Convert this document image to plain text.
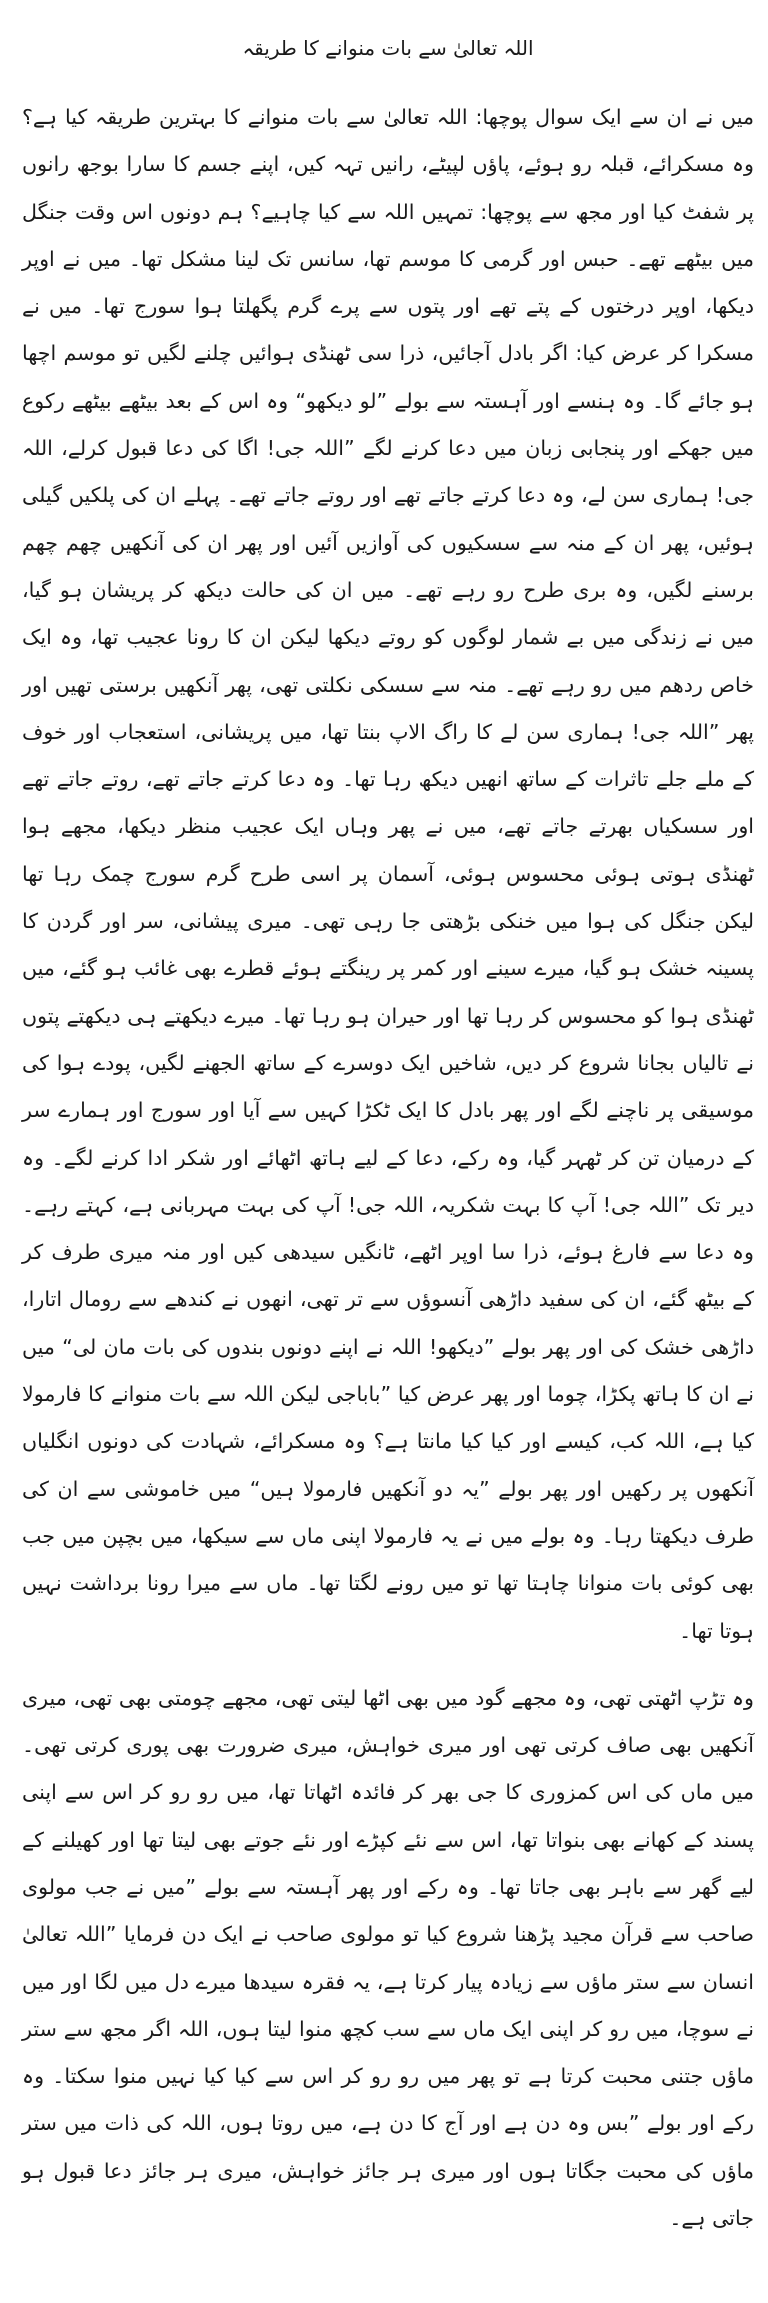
اللہ تعالیٰ سے بات منوانے کا طریقہ

میں نے ان سے ایک سوال پوچھا: اللہ تعالیٰ سے بات منوانے کا بہترین طریقہ کیا ہے؟ وہ مسکرائے، قبلہ رو ہوئے، پاؤں لپیٹے، رانیں تہہ کیں، اپنے جسم کا سارا بوجھ رانوں پر شفٹ کیا اور مجھ سے پوچھا: تمہیں اللہ سے کیا چاہیے؟ ہم دونوں اس وقت جنگل میں بیٹھے تھے۔ حبس اور گرمی کا موسم تھا، سانس تک لینا مشکل تھا۔ میں نے اوپر دیکھا، اوپر درختوں کے پتے تھے اور پتوں سے پرے گرم پگھلتا ہوا سورج تھا۔ میں نے مسکرا کر عرض کیا: اگر بادل آجائیں، ذرا سی ٹھنڈی ہوائیں چلنے لگیں تو موسم اچھا ہو جائے گا۔ وہ ہنسے اور آہستہ سے بولے ”لو دیکھو“ وہ اس کے بعد بیٹھے بیٹھے رکوع میں جھکے اور پنجابی زبان میں دعا کرنے لگے ”اللہ جی! اگا کی دعا قبول کرلے، اللہ جی! ہماری سن لے، وہ دعا کرتے جاتے تھے اور روتے جاتے تھے۔ پہلے ان کی پلکیں گیلی ہوئیں، پھر ان کے منہ سے سسکیوں کی آوازیں آئیں اور پھر ان کی آنکھیں چھم چھم برسنے لگیں، وہ بری طرح رو رہے تھے۔ میں ان کی حالت دیکھ کر پریشان ہو گیا، میں نے زندگی میں بے شمار لوگوں کو روتے دیکھا لیکن ان کا رونا عجیب تھا، وہ ایک خاص ردھم میں رو رہے تھے۔ منہ سے سسکی نکلتی تھی، پھر آنکھیں برستی تھیں اور پھر ”اللہ جی! ہماری سن لے کا راگ الاپ بنتا تھا، میں پریشانی، استعجاب اور خوف کے ملے جلے تاثرات کے ساتھ انھیں دیکھ رہا تھا۔ وہ دعا کرتے جاتے تھے، روتے جاتے تھے اور سسکیاں بھرتے جاتے تھے، میں نے پھر وہاں ایک عجیب منظر دیکھا، مجھے ہوا ٹھنڈی ہوتی ہوئی محسوس ہوئی، آسمان پر اسی طرح گرم سورج چمک رہا تھا لیکن جنگل کی ہوا میں خنکی بڑھتی جا رہی تھی۔ میری پیشانی، سر اور گردن کا پسینہ خشک ہو گیا، میرے سینے اور کمر پر رینگتے ہوئے قطرے بھی غائب ہو گئے، میں ٹھنڈی ہوا کو محسوس کر رہا تھا اور حیران ہو رہا تھا۔ میرے دیکھتے ہی دیکھتے پتوں نے تالیاں بجانا شروع کر دیں، شاخیں ایک دوسرے کے ساتھ الجھنے لگیں، پودے ہوا کی موسیقی پر ناچنے لگے اور پھر بادل کا ایک ٹکڑا کہیں سے آیا اور سورج اور ہمارے سر کے درمیان تن کر ٹھہر گیا، وہ رکے، دعا کے لیے ہاتھ اٹھائے اور شکر ادا کرنے لگے۔ وہ دیر تک ”اللہ جی! آپ کا بہت شکریہ، اللہ جی! آپ کی بہت مہربانی ہے، کہتے رہے۔ وہ دعا سے فارغ ہوئے، ذرا سا اوپر اٹھے، ٹانگیں سیدھی کیں اور منہ میری طرف کر کے بیٹھ گئے، ان کی سفید داڑھی آنسوؤں سے تر تھی، انھوں نے کندھے سے رومال اتارا، داڑھی خشک کی اور پھر بولے ”دیکھو! اللہ نے اپنے دونوں بندوں کی بات مان لی“ میں نے ان کا ہاتھ پکڑا، چوما اور پھر عرض کیا ”باباجی لیکن اللہ سے بات منوانے کا فارمولا کیا ہے، اللہ کب، کیسے اور کیا کیا مانتا ہے؟ وہ مسکرائے، شہادت کی دونوں انگلیاں آنکھوں پر رکھیں اور پھر بولے ”یہ دو آنکھیں فارمولا ہیں“ میں خاموشی سے ان کی طرف دیکھتا رہا۔ وہ بولے میں نے یہ فارمولا اپنی ماں سے سیکھا، میں بچپن میں جب بھی کوئی بات منوانا چاہتا تھا تو میں رونے لگتا تھا۔ ماں سے میرا رونا برداشت نہیں ہوتا تھا۔

وہ تڑپ اٹھتی تھی، وہ مجھے گود میں بھی اٹھا لیتی تھی، مجھے چومتی بھی تھی، میری آنکھیں بھی صاف کرتی تھی اور میری خواہش، میری ضرورت بھی پوری کرتی تھی۔ میں ماں کی اس کمزوری کا جی بھر کر فائدہ اٹھاتا تھا، میں رو رو کر اس سے اپنی پسند کے کھانے بھی بنواتا تھا، اس سے نئے کپڑے اور نئے جوتے بھی لیتا تھا اور کھیلنے کے لیے گھر سے باہر بھی جاتا تھا۔ وہ رکے اور پھر آہستہ سے بولے ”میں نے جب مولوی صاحب سے قرآن مجید پڑھنا شروع کیا تو مولوی صاحب نے ایک دن فرمایا ”اللہ تعالیٰ انسان سے ستر ماؤں سے زیادہ پیار کرتا ہے، یہ فقرہ سیدھا میرے دل میں لگا اور میں نے سوچا، میں رو کر اپنی ایک ماں سے سب کچھ منوا لیتا ہوں، اللہ اگر مجھ سے ستر ماؤں جتنی محبت کرتا ہے تو پھر میں رو رو کر اس سے کیا کیا نہیں منوا سکتا۔ وہ رکے اور بولے ”بس وہ دن ہے اور آج کا دن ہے، میں روتا ہوں، اللہ کی ذات میں ستر ماؤں کی محبت جگاتا ہوں اور میری ہر جائز خواہش، میری ہر جائز دعا قبول ہو جاتی ہے۔
